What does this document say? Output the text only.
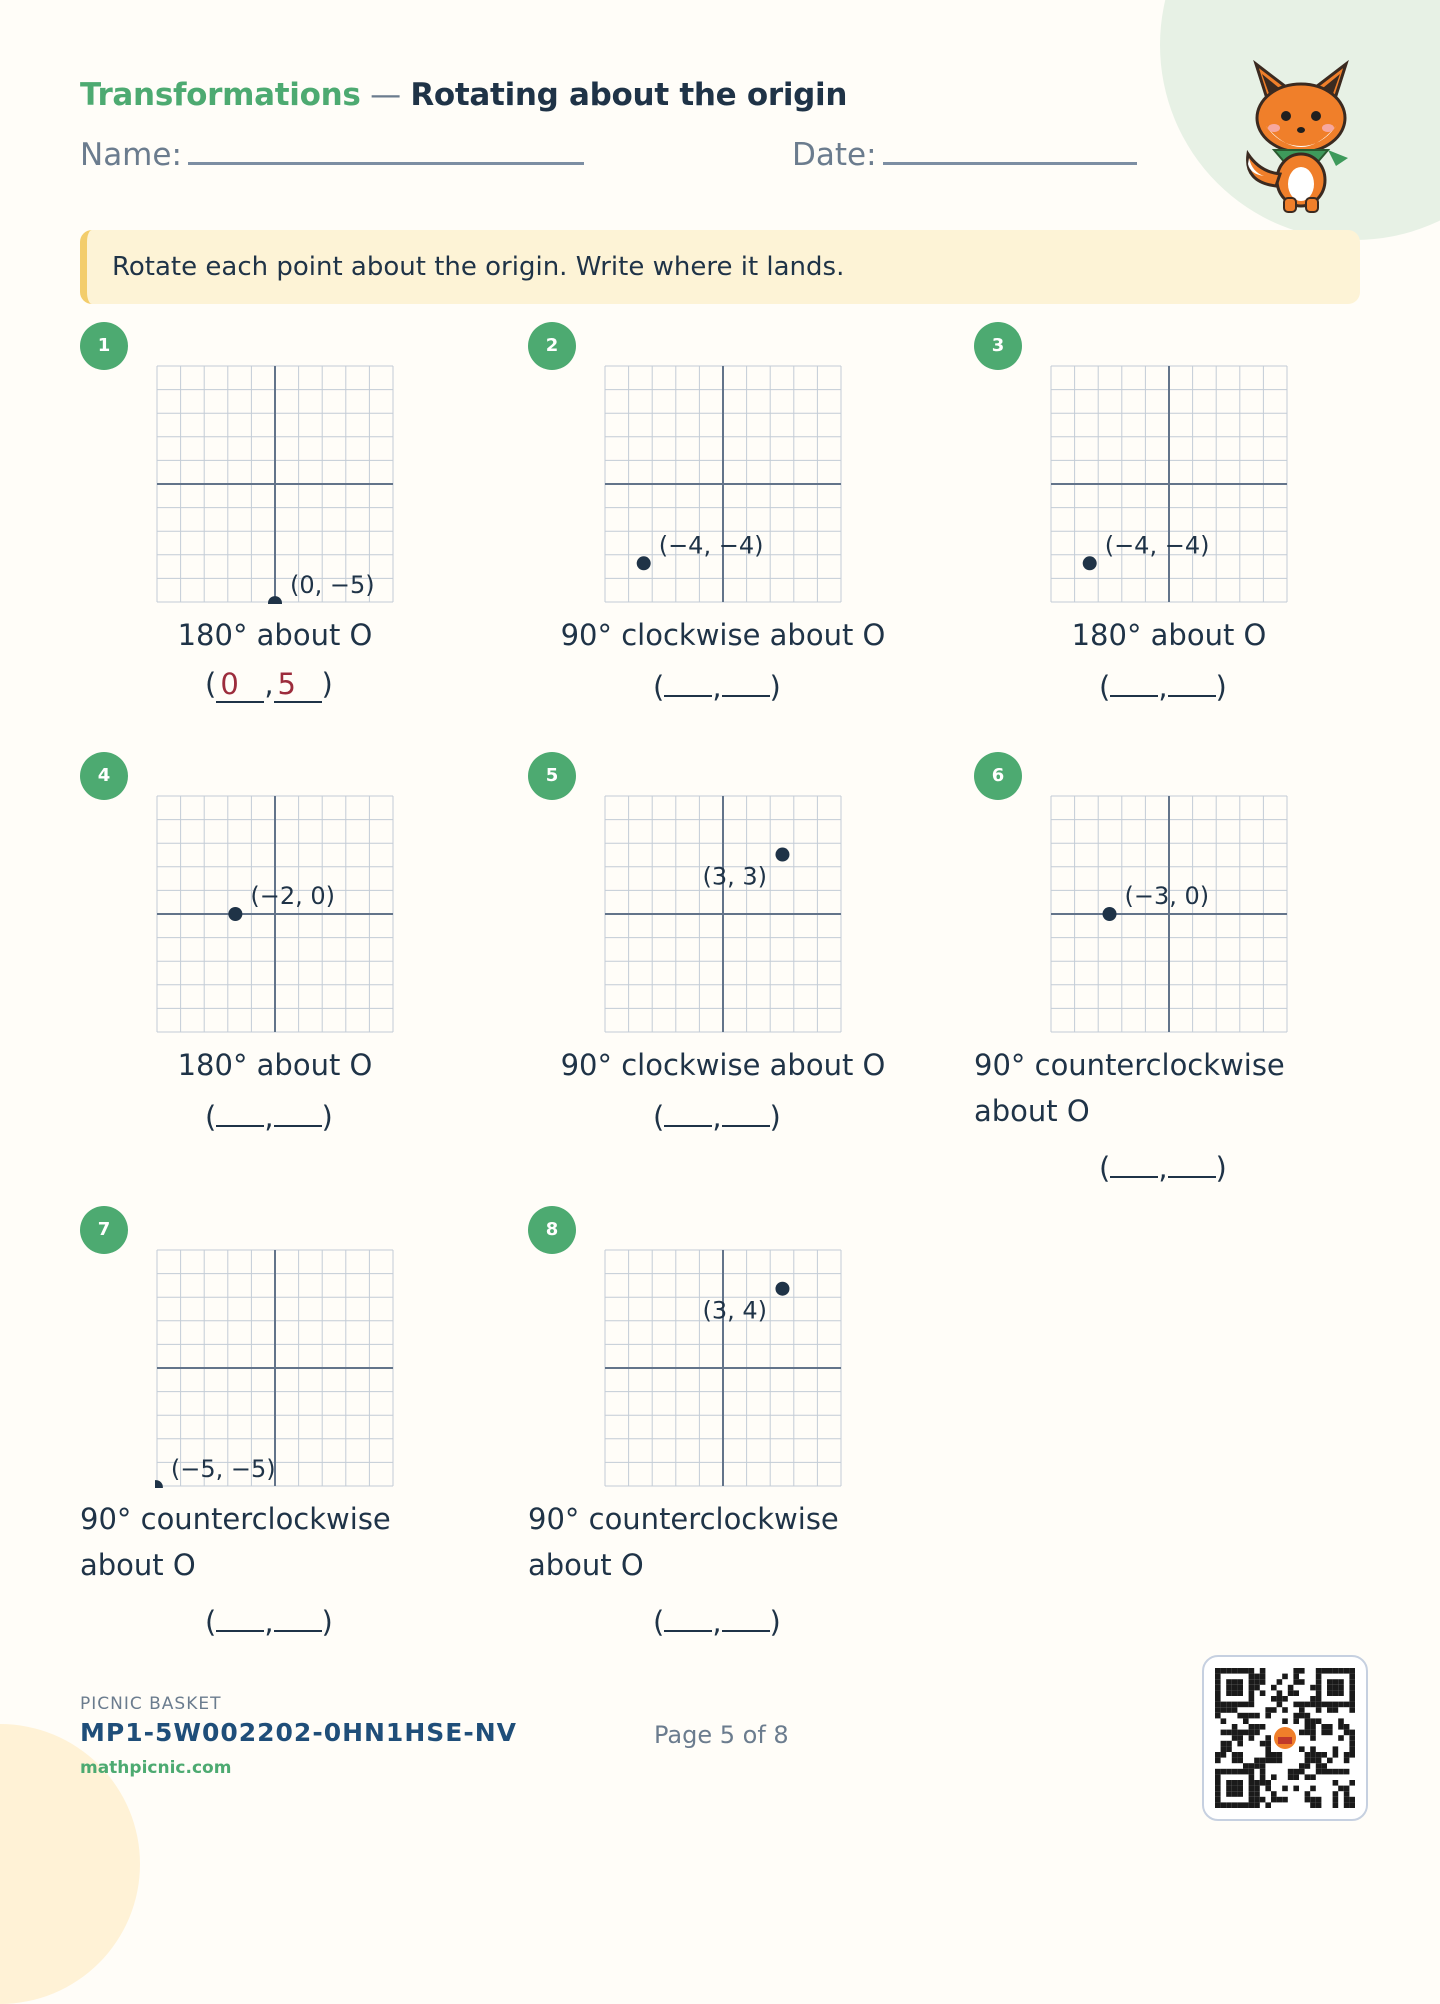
Transformations — Rotating about the origin
Name:	Date:
Rotate each point about the origin. Write where it lands.
1
(0, −5)
180° about O
( 0 , 5 )
2
(−4, −4)
90° clockwise about O
( , )
3
(−4, −4)
180° about O
( , )
4
(−2, 0)
180° about O
( , )
5
(3, 3)
90° clockwise about O
( , )
6
(−3, 0)
90° counterclockwise about O
( , )
7
(−5, −5)
90° counterclockwise about O
( , )
8
(3, 4)
90° counterclockwise about O
( , )
PICNIC BASKET
MP1-5W002202-0HN1HSE-NV
mathpicnic.com
Page 5 of 8
